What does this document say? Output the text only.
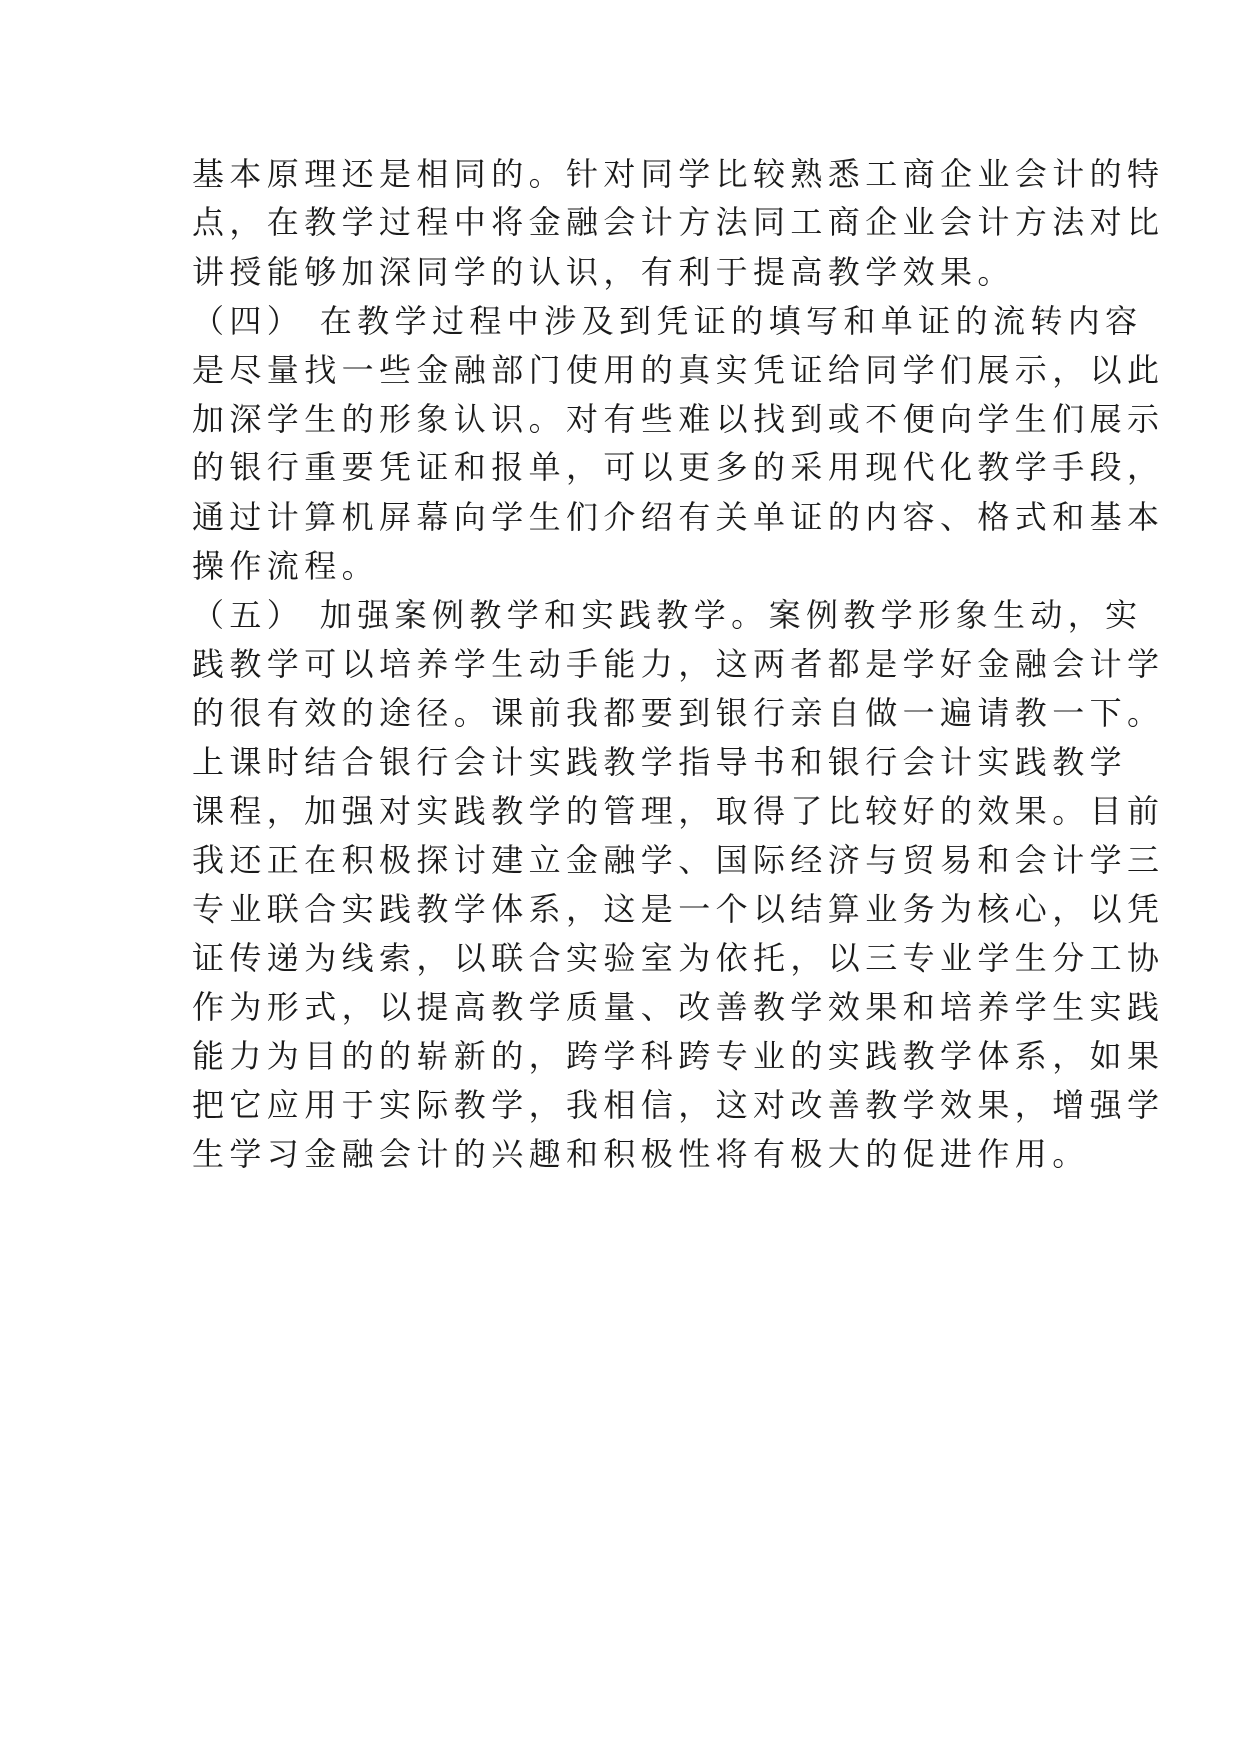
基本原理还是相同的。针对同学比较熟悉工商企业会计的特

点，在教学过程中将金融会计方法同工商企业会计方法对比

讲授能够加深同学的认识，有利于提高教学效果。

（四） 在教学过程中涉及到凭证的填写和单证的流转内容

是尽量找一些金融部门使用的真实凭证给同学们展示，以此

加深学生的形象认识。对有些难以找到或不便向学生们展示

的银行重要凭证和报单，可以更多的采用现代化教学手段，

通过计算机屏幕向学生们介绍有关单证的内容、格式和基本

操作流程。

（五） 加强案例教学和实践教学。案例教学形象生动，实

践教学可以培养学生动手能力，这两者都是学好金融会计学

的很有效的途径。课前我都要到银行亲自做一遍请教一下。

上课时结合银行会计实践教学指导书和银行会计实践教学

课程，加强对实践教学的管理，取得了比较好的效果。目前

我还正在积极探讨建立金融学、国际经济与贸易和会计学三

专业联合实践教学体系，这是一个以结算业务为核心，以凭

证传递为线索，以联合实验室为依托，以三专业学生分工协

作为形式，以提高教学质量、改善教学效果和培养学生实践

能力为目的的崭新的，跨学科跨专业的实践教学体系，如果

把它应用于实际教学，我相信，这对改善教学效果，增强学

生学习金融会计的兴趣和积极性将有极大的促进作用。
